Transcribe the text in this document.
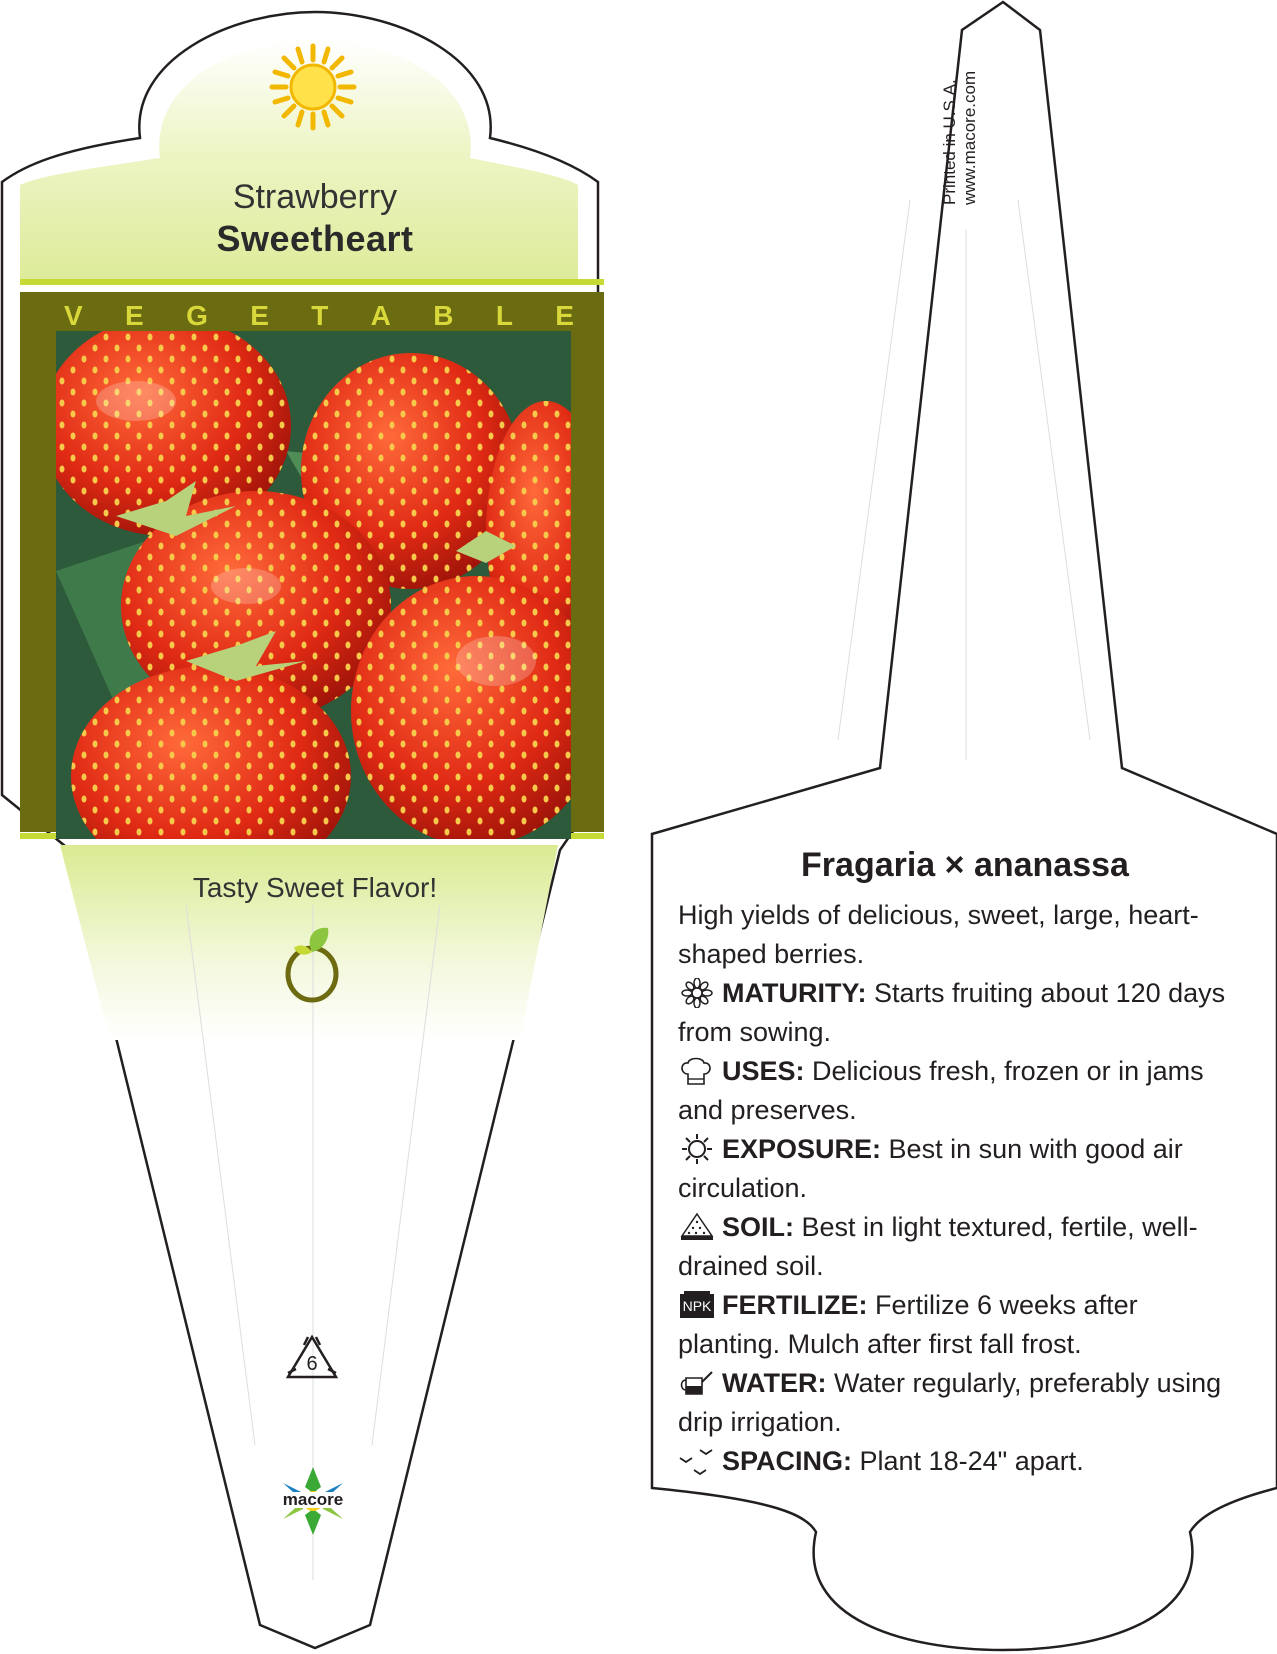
Strawberry
Sweetheart
V E G E T A B L E
Tasty Sweet Flavor!
6
macore
Printed in U.S.A.
www.macore.com
Fragaria × ananassa
High yields of delicious, sweet, large, heart-shaped berries.
MATURITY: Starts fruiting about 120 days from sowing.
USES: Delicious fresh, frozen or in jams and preserves.
EXPOSURE: Best in sun with good air circulation.
SOIL: Best in light textured, fertile, well-drained soil.
NPK FERTILIZE: Fertilize 6 weeks after planting. Mulch after first fall frost.
WATER: Water regularly, preferably using drip irrigation.
SPACING: Plant 18-24" apart.
